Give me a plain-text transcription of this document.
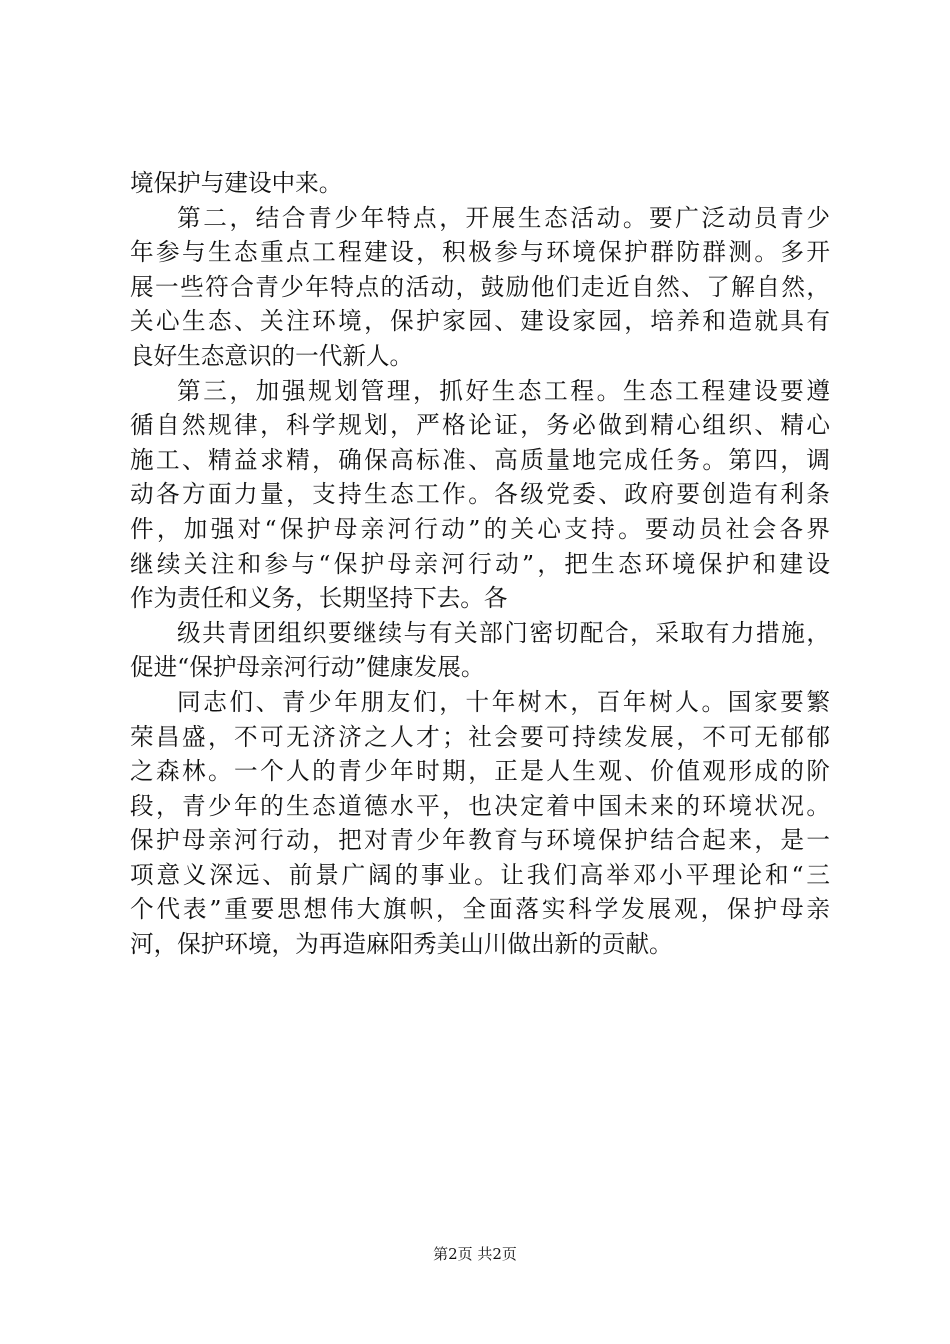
境保护与建设中来。
第二，结合青少年特点，开展生态活动。要广泛动员青少
年参与生态重点工程建设，积极参与环境保护群防群测。多开
展一些符合青少年特点的活动，鼓励他们走近自然、了解自然，
关心生态、关注环境，保护家园、建设家园，培养和造就具有
良好生态意识的一代新人。
第三，加强规划管理，抓好生态工程。生态工程建设要遵
循自然规律，科学规划，严格论证，务必做到精心组织、精心
施工、精益求精，确保高标准、高质量地完成任务。第四，调
动各方面力量，支持生态工作。各级党委、政府要创造有利条
件，加强对“保护母亲河行动”的关心支持。要动员社会各界
继续关注和参与“保护母亲河行动”，把生态环境保护和建设
作为责任和义务，长期坚持下去。各
级共青团组织要继续与有关部门密切配合，采取有力措施，
促进“保护母亲河行动”健康发展。
同志们、青少年朋友们，十年树木，百年树人。国家要繁
荣昌盛，不可无济济之人才；社会要可持续发展，不可无郁郁
之森林。一个人的青少年时期，正是人生观、价值观形成的阶
段，青少年的生态道德水平，也决定着中国未来的环境状况。
保护母亲河行动，把对青少年教育与环境保护结合起来，是一
项意义深远、前景广阔的事业。让我们高举邓小平理论和“三
个代表”重要思想伟大旗帜，全面落实科学发展观，保护母亲
河，保护环境，为再造麻阳秀美山川做出新的贡献。
第2页 共2页
